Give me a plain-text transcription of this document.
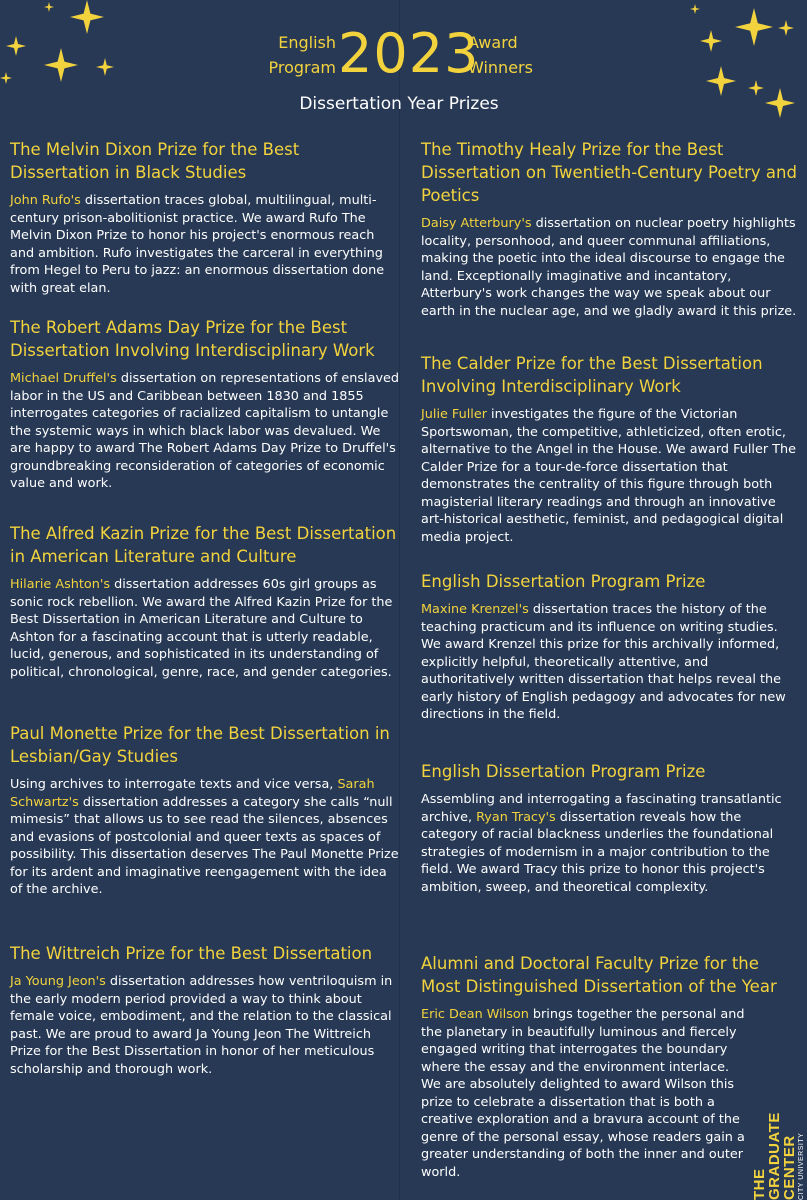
English
Program 2023
Award
Winners
Dissertation Year Prizes
The Melvin Dixon Prize for the Best Dissertation in Black Studies

John Rufo's dissertation traces global, multilingual, multi-century prison-abolitionist practice. We award Rufo The Melvin Dixon Prize to honor his project's enormous reach and ambition. Rufo investigates the carceral in everything from Hegel to Peru to jazz: an enormous dissertation done with great elan.

The Robert Adams Day Prize for the Best Dissertation Involving Interdisciplinary Work

Michael Druffel's dissertation on representations of enslaved labor in the US and Caribbean between 1830 and 1855 interrogates categories of racialized capitalism to untangle the systemic ways in which black labor was devalued. We are happy to award The Robert Adams Day Prize to Druffel's groundbreaking reconsideration of categories of economic value and work.

The Alfred Kazin Prize for the Best Dissertation in American Literature and Culture

Hilarie Ashton's dissertation addresses 60s girl groups as sonic rock rebellion. We award the Alfred Kazin Prize for the Best Dissertation in American Literature and Culture to Ashton for a fascinating account that is utterly readable, lucid, generous, and sophisticated in its understanding of political, chronological, genre, race, and gender categories.

Paul Monette Prize for the Best Dissertation in Lesbian/Gay Studies

Using archives to interrogate texts and vice versa, Sarah Schwartz's dissertation addresses a category she calls “null mimesis” that allows us to see read the silences, absences and evasions of postcolonial and queer texts as spaces of possibility. This dissertation deserves The Paul Monette Prize for its ardent and imaginative reengagement with the idea of the archive.

The Wittreich Prize for the Best Dissertation

Ja Young Jeon's dissertation addresses how ventriloquism in the early modern period provided a way to think about female voice, embodiment, and the relation to the classical past. We are proud to award Ja Young Jeon The Wittreich Prize for the Best Dissertation in honor of her meticulous scholarship and thorough work.

The Timothy Healy Prize for the Best Dissertation on Twentieth-Century Poetry and Poetics

Daisy Atterbury's dissertation on nuclear poetry highlights locality, personhood, and queer communal affiliations, making the poetic into the ideal discourse to engage the land. Exceptionally imaginative and incantatory, Atterbury's work changes the way we speak about our earth in the nuclear age, and we gladly award it this prize.

The Calder Prize for the Best Dissertation Involving Interdisciplinary Work

Julie Fuller investigates the figure of the Victorian Sportswoman, the competitive, athleticized, often erotic, alternative to the Angel in the House. We award Fuller The Calder Prize for a tour-de-force dissertation that demonstrates the centrality of this figure through both magisterial literary readings and through an innovative art-historical aesthetic, feminist, and pedagogical digital media project.

English Dissertation Program Prize

Maxine Krenzel's dissertation traces the history of the teaching practicum and its influence on writing studies. We award Krenzel this prize for this archivally informed, explicitly helpful, theoretically attentive, and authoritatively written dissertation that helps reveal the early history of English pedagogy and advocates for new directions in the field.

English Dissertation Program Prize

Assembling and interrogating a fascinating transatlantic archive, Ryan Tracy's dissertation reveals how the category of racial blackness underlies the foundational strategies of modernism in a major contribution to the field. We award Tracy this prize to honor this project's ambition, sweep, and theoretical complexity.

Alumni and Doctoral Faculty Prize for the Most Distinguished Dissertation of the Year

Eric Dean Wilson brings together the personal and the planetary in beautifully luminous and fiercely engaged writing that interrogates the boundary where the essay and the environment interlace. We are absolutely delighted to award Wilson this prize to celebrate a dissertation that is both a creative exploration and a bravura account of the genre of the personal essay, whose readers gain a greater understanding of both the inner and outer world.	THE
GRADUATE CENTER CITY UNIVERSITY
